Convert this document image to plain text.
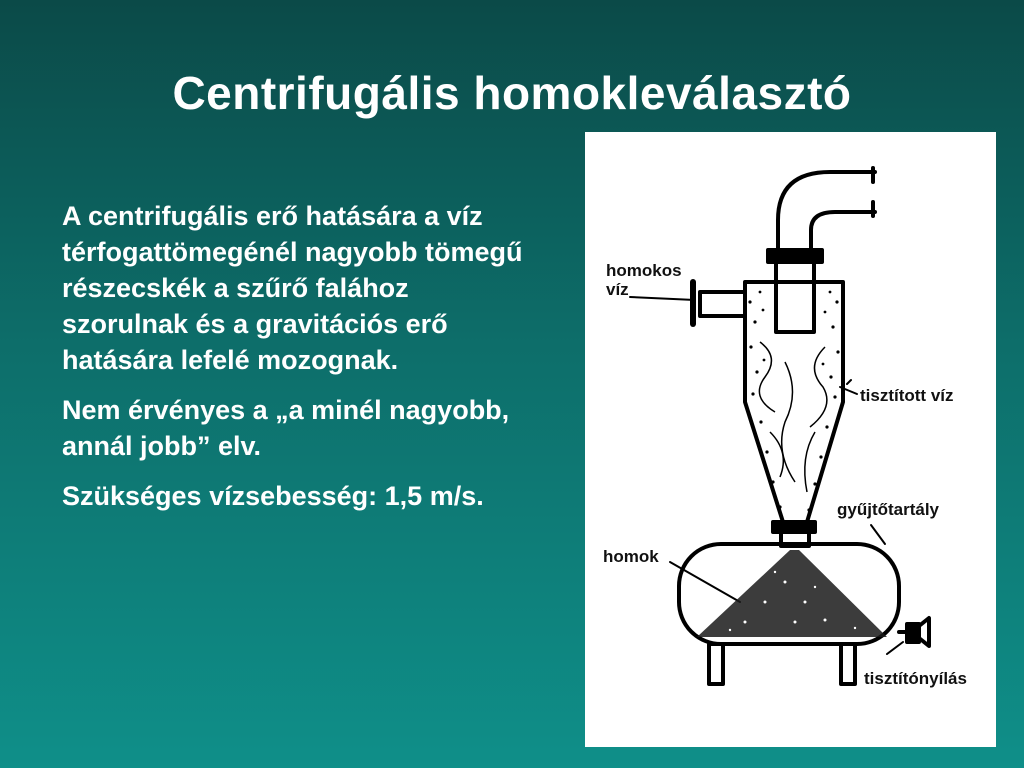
Centrifugális homokleválasztó

A centrifugális erő hatására a víz térfogattömegénél nagyobb tömegű részecskék a szűrő falához szorulnak és a gravitációs erő hatására lefelé mozognak.

Nem érvényes a „a minél nagyobb, annál jobb” elv.

Szükséges vízsebesség: 1,5 m/s.

homokos
víz
tisztított víz
gyűjtőtartály
homok
tisztítónyílás
